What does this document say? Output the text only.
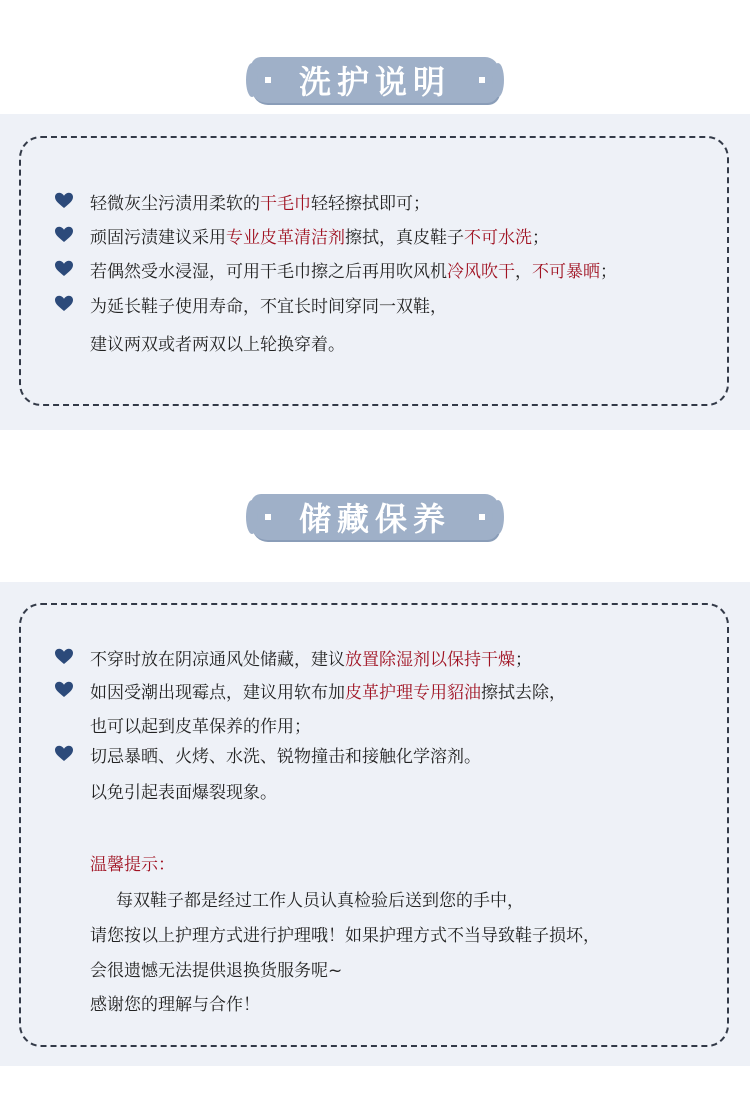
洗护说明
轻微灰尘污渍用柔软的干毛巾轻轻擦拭即可；
顽固污渍建议采用专业皮革清洁剂擦拭，真皮鞋子不可水洗；
若偶然受水浸湿，可用干毛巾擦之后再用吹风机冷风吹干，不可暴晒；
为延长鞋子使用寿命，不宜长时间穿同一双鞋，
建议两双或者两双以上轮换穿着。
储藏保养
不穿时放在阴凉通风处储藏，建议放置除湿剂以保持干燥；
如因受潮出现霉点，建议用软布加皮革护理专用貂油擦拭去除，
也可以起到皮革保养的作用；
切忌暴晒、火烤、水洗、锐物撞击和接触化学溶剂。
以免引起表面爆裂现象。
温馨提示：
每双鞋子都是经过工作人员认真检验后送到您的手中，
请您按以上护理方式进行护理哦！如果护理方式不当导致鞋子损坏，
会很遗憾无法提供退换货服务呢~
感谢您的理解与合作！
